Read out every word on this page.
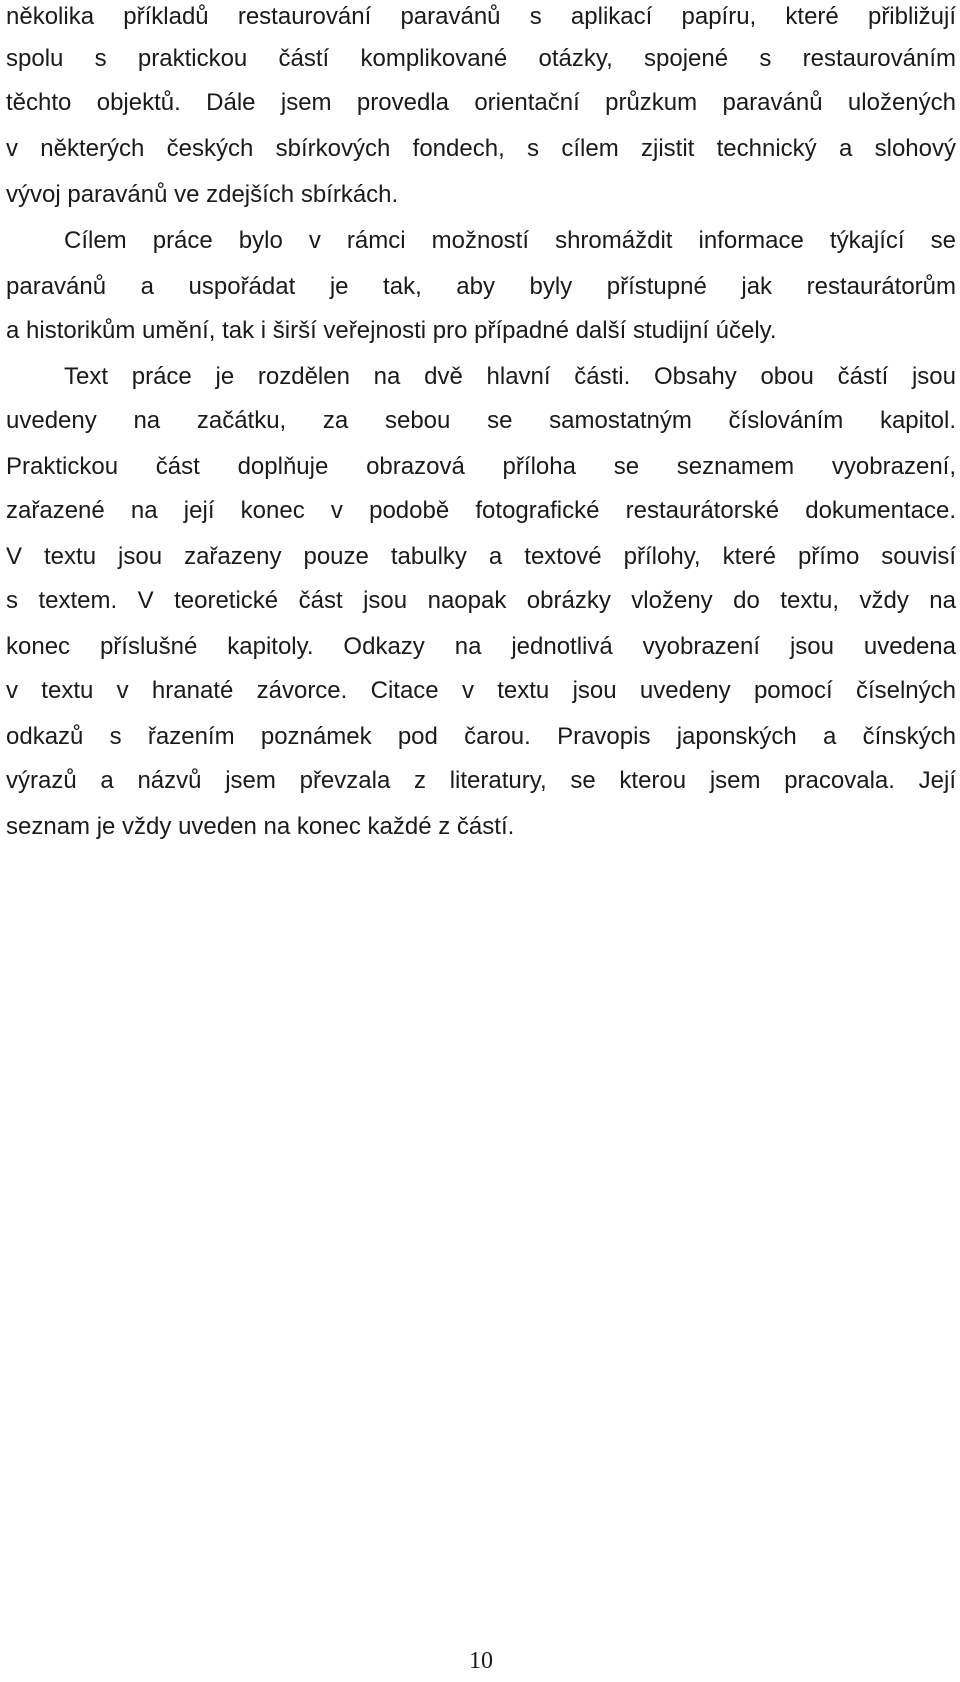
několika příkladů restaurování paravánů s aplikací papíru, které přibližují
spolu s praktickou částí komplikované otázky, spojené s restaurováním
těchto objektů. Dále jsem provedla orientační průzkum paravánů uložených
v některých českých sbírkových fondech, s cílem zjistit technický a slohový
vývoj paravánů ve zdejších sbírkách.
Cílem práce bylo v rámci možností shromáždit informace týkající se
paravánů a uspořádat je tak, aby byly přístupné jak restaurátorům
a historikům umění, tak i širší veřejnosti pro případné další studijní účely.
Text práce je rozdělen na dvě hlavní části. Obsahy obou částí jsou
uvedeny na začátku, za sebou se samostatným číslováním kapitol.
Praktickou část doplňuje obrazová příloha se seznamem vyobrazení,
zařazené na její konec v podobě fotografické restaurátorské dokumentace.
V textu jsou zařazeny pouze tabulky a textové přílohy, které přímo souvisí
s textem. V teoretické část jsou naopak obrázky vloženy do textu, vždy na
konec příslušné kapitoly. Odkazy na jednotlivá vyobrazení jsou uvedena
v textu v hranaté závorce. Citace v textu jsou uvedeny pomocí číselných
odkazů s řazením poznámek pod čarou. Pravopis japonských a čínských
výrazů a názvů jsem převzala z literatury, se kterou jsem pracovala. Její
seznam je vždy uveden na konec každé z částí.
10
